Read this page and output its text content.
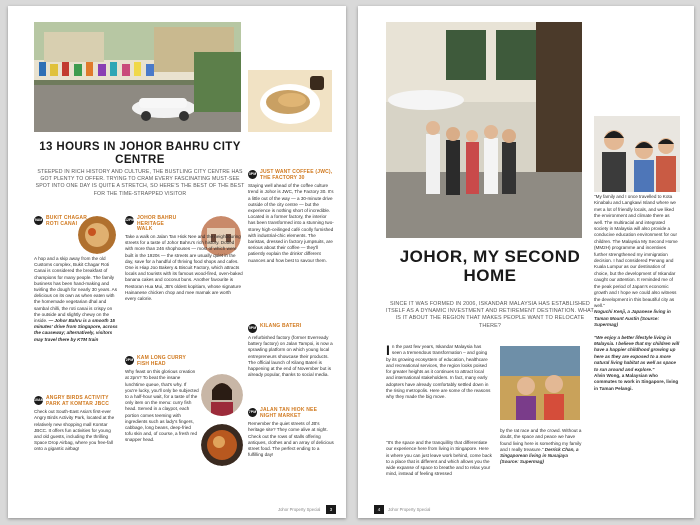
13 HOURS IN JOHOR BAHRU CITY CENTRE
STEEPED IN RICH HISTORY AND CULTURE, THE BUSTLING CITY CENTRE HAS GOT PLENTY TO OFFER. TRYING TO CRAM EVERY FASCINATING MUST-SEE SPOT INTO ONE DAY IS QUITE A STRETCH, SO HERE'S THE BEST OF THE BEST FOR THE TIME-STRAPPED VISITOR
9AM BUKIT CHAGAR ROTI CANAI
A hop and a skip away from the old Customs complex, Bukit Chagar Roti Canai is considered the breakfast of champions for many people. The family business has been hand-making and twirling the dough for nearly 30 years. As delicious on its own as when eaten with the homemade vegetarian dhal and sambal chilli, the roti canai is crispy on the outside and slightly chewy on the inside. — Johor Bahru is a smooth 15 minutes' drive from Singapore, across the causeway; alternatively, visitors may travel there by KTM train
10AM ANGRY BIRDS ACTIVITY PARK AT KOMTAR JBCC
Check out South-East Asia's first-ever Angry Birds Activity Park, located at the relatively new shopping mall Komtar JBCC. It offers fun activities for young and old guests, including the thrilling Space Drop Airbag, where you free-fall onto a gigantic airbag!
12PM JOHOR BAHRU HERITAGE WALK
Take a walk on Jalan Tan Hiok Nee and the neighbouring streets for a taste of Johor Bahru's rich history. Dotted with more than 246 shophouses — most of which were built in the 1920s — the streets are usually quiet in the day, save for a handful of thriving food shops and cafes. One is Hiap Joo Bakery & Biscuit Factory, which attracts locals and tourists with its famous wood-fired, oven-baked banana cakes and coconut buns. Another favourite is Restoran Hua Mui, JB's oldest kopitiam, whose signature Hainanese chicken chop and mee mamak are worth every calorie.
2PM KAM LONG CURRY FISH HEAD
Why feast on this glorious creation at 2pm? To beat the insane lunchtime queue, that's why. If you're lucky, you'll only be subjected to a half-hour wait, for a taste of the only item on the menu: curry fish head. Served in a claypot, each portion comes teeming with ingredients such as lady's fingers, cabbage, long beans, deep-fried tofu skin and, of course, a fresh red snapper head.
3PM JUST WANT COFFEE (JWC), THE FACTORY 30
Staying well ahead of the coffee culture trend in Johor is JWC, The Factory 30. It's a little out of the way — a 30-minute drive outside of the city centre — but the experience is nothing short of incredible. Located in a former factory, the interior has been transformed into a stunning two-storey high-ceilinged café coolly furnished with industrial-chic elements. The baristas, dressed in factory jumpsuits, are serious about their coffee — they'll patiently explain the drinks' different nuances and how best to savour them.
5PM KILANG BATERI
A refurbished factory (former Everready battery factory) on Jalan Tampoi, is now a sprawling platform on which young local entrepreneurs showcase their products. The official launch of Kilang Bateri is happening at the end of November but is already popular, thanks to social media.
7PM JALAN TAN HIOK NEE NIGHT MARKET
Remember the quiet streets of JB's heritage site? They come alive at night. Check out the rows of stalls offering antiques, clothes and an array of delicious street food. The perfect ending to a fulfilling day!
Johor Property Special	3
JOHOR, MY SECOND HOME
SINCE IT WAS FORMED IN 2006, ISKANDAR MALAYSIA HAS ESTABLISHED ITSELF AS A DYNAMIC INVESTMENT AND RETIREMENT DESTINATION. WHAT IS IT ABOUT THE REGION THAT MAKES PEOPLE WANT TO RELOCATE THERE?
In the past few years, Iskandar Malaysia has seen a tremendous transformation – and going by its growing ecosystem of education, healthcare and recreational services, the region looks poised for greater heights as it continues to attract local and international stakeholders. In fact, many early adopters have already comfortably settled down in the rising metropolis. Here are some of the reasons why they made the big move.
"It's the space and the tranquillity that differentiate our experience here from living in Singapore. Here is where you can just leave work behind, come back to a place that is different and which allows you the wide expanse of space to breathe and to relax your mind, instead of feeling stressed
by the rat race and the crowd. Without a doubt, the space and peace we have found living here is something my family and I really treasure." Derrick Chan, a Singaporean living in Nusajaya (Source: Supermag)
"My family and I once travelled to Kota Kinabalu and Langkawi Island where we met a lot of friendly locals, and we liked the environment and climate there as well. The multiracial and integrated society in Malaysia will also provide a conducive education environment for our children. The Malaysia My Second Home (MM2H) programme and incentives further strengthened my immigration decision. I had considered Penang and Kuala Lumpur as our destination of choice, but the development of Iskandar caught our attention. It reminded me of the peak period of Japan's economic growth and I hope we could also witness the development in this beautiful city as well."
Noguchi Kenji, a Japanese living in Taman Mount Austin (Source: Supermag)
"We enjoy a better lifestyle living in Malaysia. I believe that my children will have a happier childhood growing up here as they are exposed to a more natural living habitat as well as space to run around and explore."
Alvin Wong, a Malaysian who commutes to work in Singapore, living in Taman Pelangi.
4	Johor Property Special
